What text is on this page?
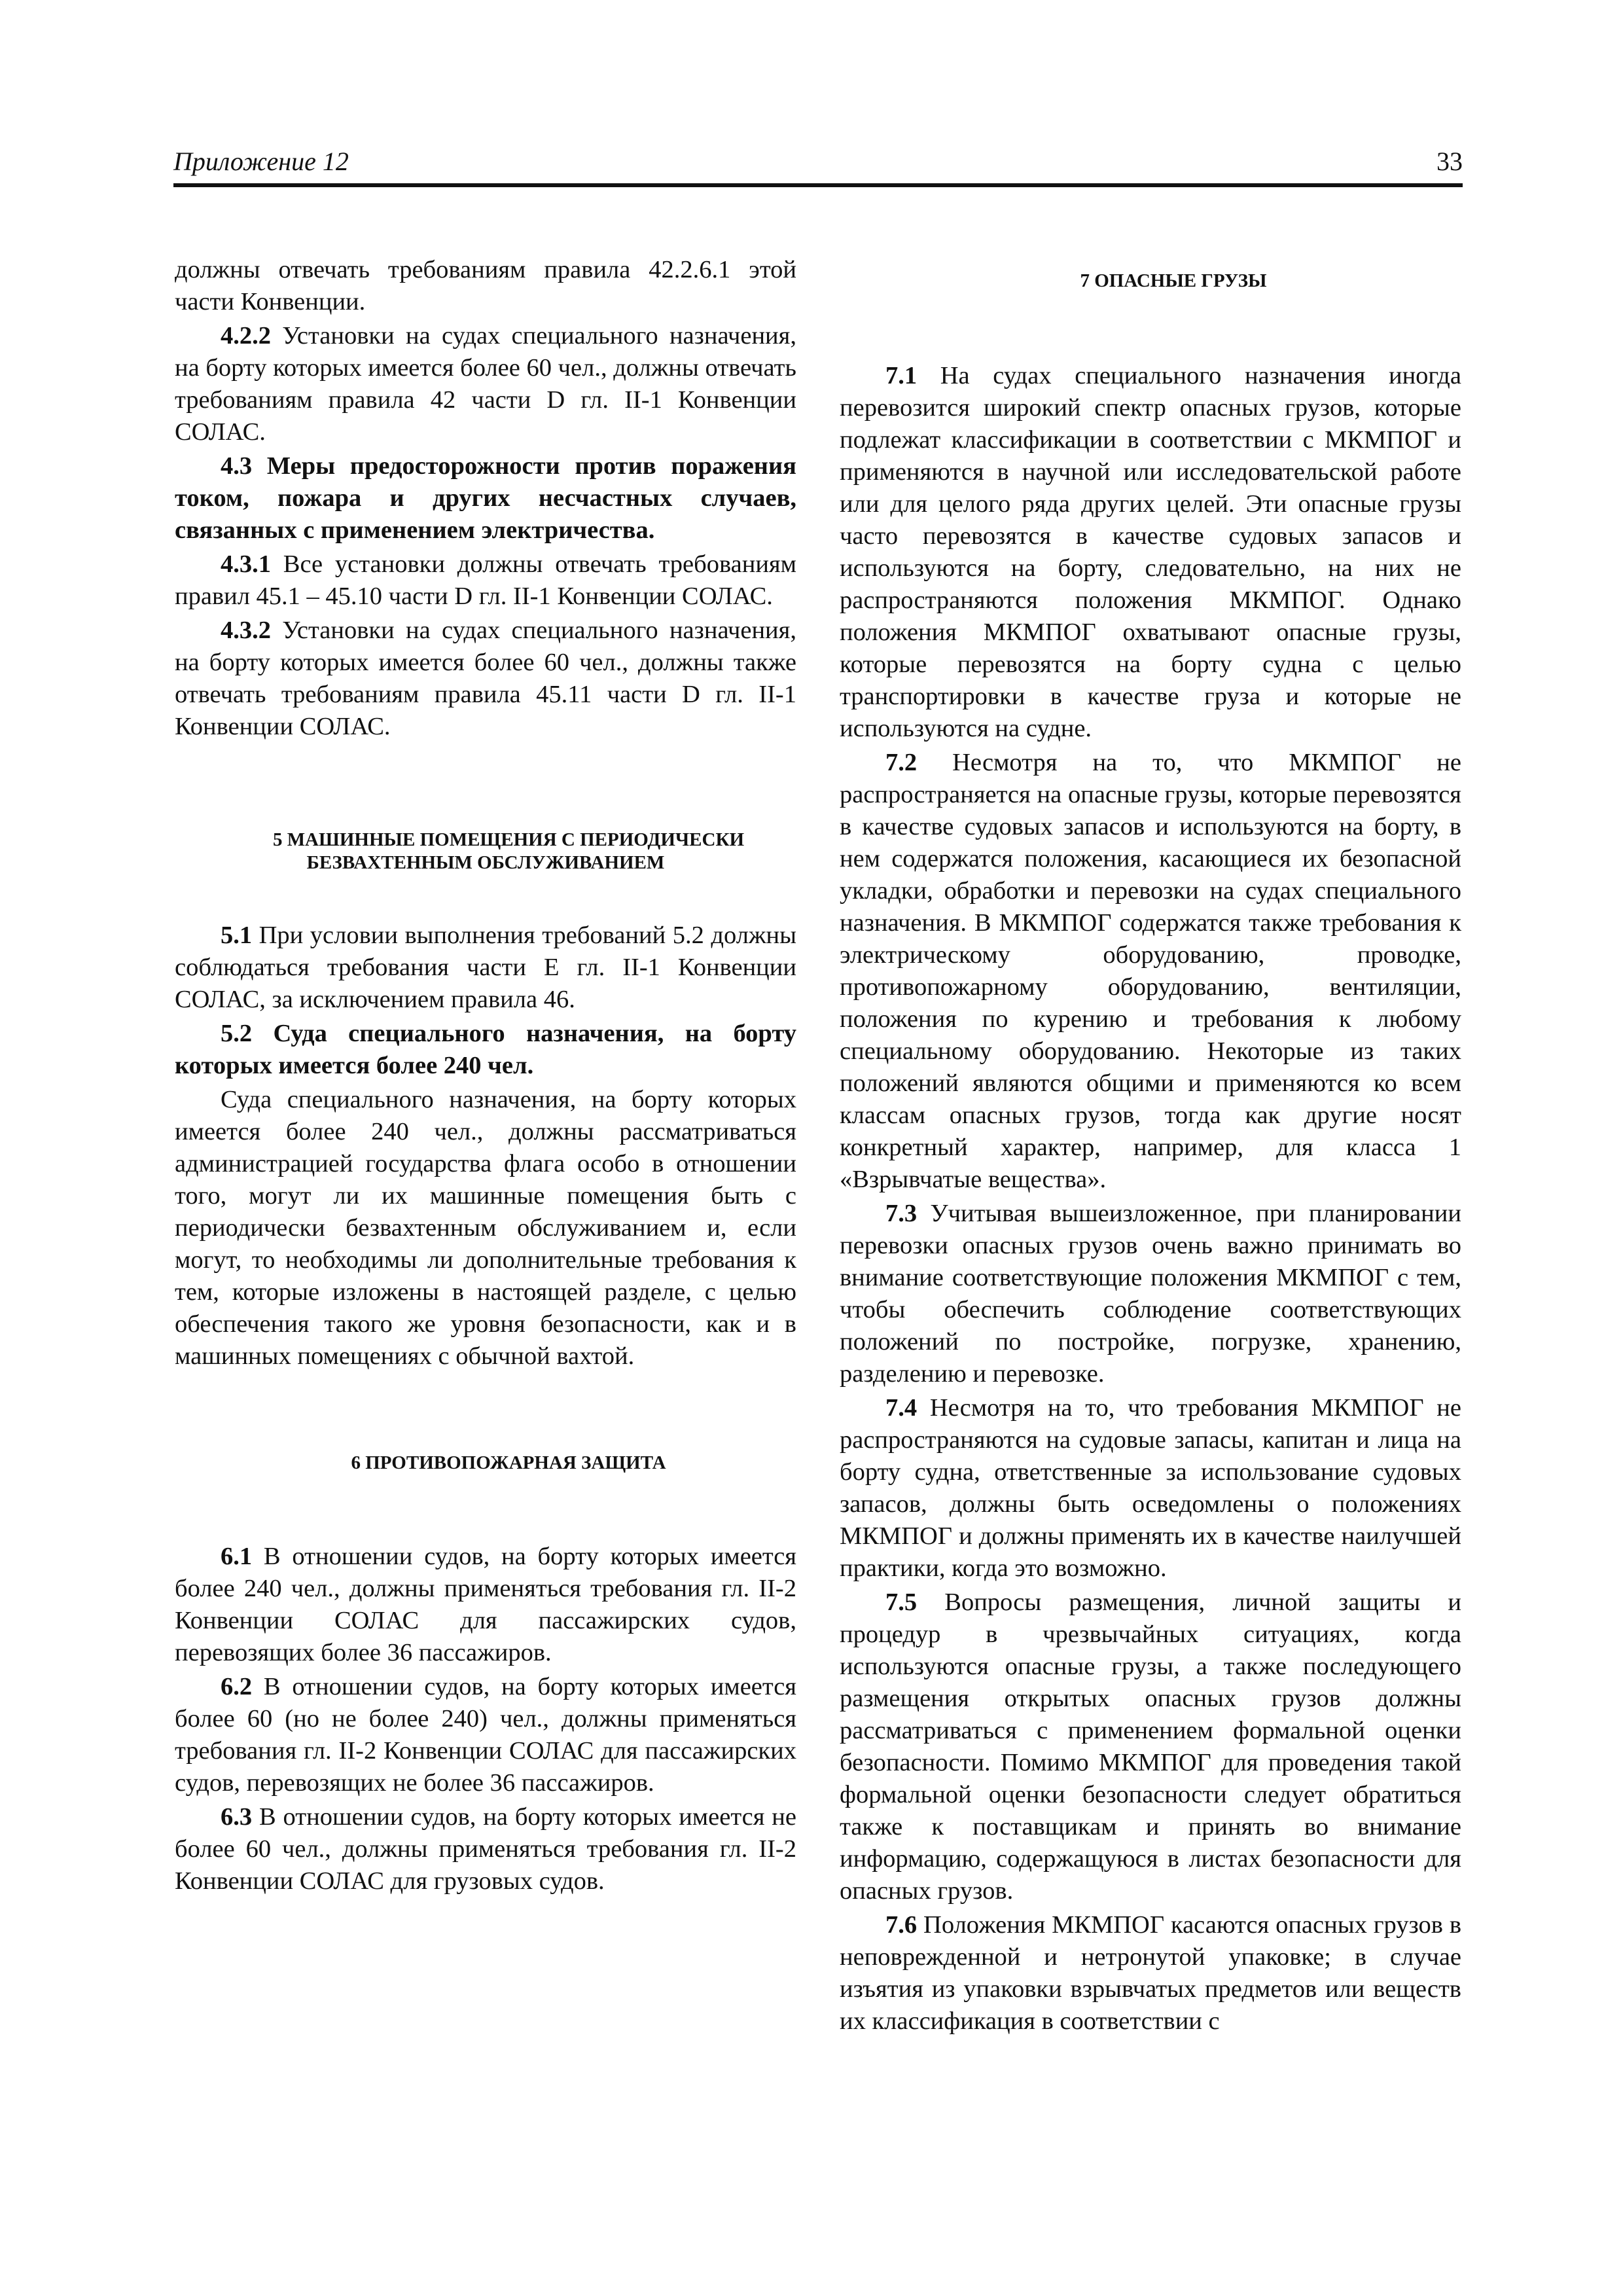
Приложение 12	33

должны отвечать требованиям правила 42.2.6.1 этой части Конвенции.

4.2.2 Установки на судах специального назначения, на борту которых имеется более 60 чел., должны отвечать требованиям правила 42 части D гл. II-1 Конвенции СОЛАС.

4.3 Меры предосторожности против поражения током, пожара и других несчастных случаев, связанных с применением электричества.

4.3.1 Все установки должны отвечать требованиям правил 45.1 – 45.10 части D гл. II-1 Конвенции СОЛАС.

4.3.2 Установки на судах специального назначения, на борту которых имеется более 60 чел., должны также отвечать требованиям правила 45.11 части D гл. II-1 Конвенции СОЛАС.

5 МАШИННЫЕ ПОМЕЩЕНИЯ С ПЕРИОДИЧЕСКИ
БЕЗВАХТЕННЫМ ОБСЛУЖИВАНИЕМ

5.1 При условии выполнения требований 5.2 должны соблюдаться требования части E гл. II-1 Конвенции СОЛАС, за исключением правила 46.

5.2 Суда специального назначения, на борту которых имеется более 240 чел.

Суда специального назначения, на борту которых имеется более 240 чел., должны рассматриваться администрацией государства флага особо в отношении того, могут ли их машинные помещения быть с периодически безвахтенным обслуживанием и, если могут, то необходимы ли дополнительные требования к тем, которые изложены в настоящей разделе, с целью обеспечения такого же уровня безопасности, как и в машинных помещениях с обычной вахтой.

6 ПРОТИВОПОЖАРНАЯ ЗАЩИТА

6.1 В отношении судов, на борту которых имеется более 240 чел., должны применяться требования гл. II-2 Конвенции СОЛАС для пассажирских судов, перевозящих более 36 пассажиров.

6.2 В отношении судов, на борту которых имеется более 60 (но не более 240) чел., должны применяться требования гл. II-2 Конвенции СОЛАС для пассажирских судов, перевозящих не более 36 пассажиров.

6.3 В отношении судов, на борту которых имеется не более 60 чел., должны применяться требования гл. II-2 Конвенции СОЛАС для грузовых судов.

7 ОПАСНЫЕ ГРУЗЫ

7.1 На судах специального назначения иногда перевозится широкий спектр опасных грузов, которые подлежат классификации в соответствии с МКМПОГ и применяются в научной или исследовательской работе или для целого ряда других целей. Эти опасные грузы часто перевозятся в качестве судовых запасов и используются на борту, следовательно, на них не распространяются положения МКМПОГ. Однако положения МКМПОГ охватывают опасные грузы, которые перевозятся на борту судна с целью транспортировки в качестве груза и которые не используются на судне.

7.2 Несмотря на то, что МКМПОГ не распространяется на опасные грузы, которые перевозятся в качестве судовых запасов и используются на борту, в нем содержатся положения, касающиеся их безопасной укладки, обработки и перевозки на судах специального назначения. В МКМПОГ содержатся также требования к электрическому оборудованию, проводке, противопожарному оборудованию, вентиляции, положения по курению и требования к любому специальному оборудованию. Некоторые из таких положений являются общими и применяются ко всем классам опасных грузов, тогда как другие носят конкретный характер, например, для класса 1 «Взрывчатые вещества».

7.3 Учитывая вышеизложенное, при планировании перевозки опасных грузов очень важно принимать во внимание соответствующие положения МКМПОГ с тем, чтобы обеспечить соблюдение соответствующих положений по постройке, погрузке, хранению, разделению и перевозке.

7.4 Несмотря на то, что требования МКМПОГ не распространяются на судовые запасы, капитан и лица на борту судна, ответственные за использование судовых запасов, должны быть осведомлены о положениях МКМПОГ и должны применять их в качестве наилучшей практики, когда это возможно.

7.5 Вопросы размещения, личной защиты и процедур в чрезвычайных ситуациях, когда используются опасные грузы, а также последующего размещения открытых опасных грузов должны рассматриваться с применением формальной оценки безопасности. Помимо МКМПОГ для проведения такой формальной оценки безопасности следует обратиться также к поставщикам и принять во внимание информацию, содержащуюся в листах безопасности для опасных грузов.

7.6 Положения МКМПОГ касаются опасных грузов в неповрежденной и нетронутой упаковке; в случае изъятия из упаковки взрывчатых предметов или веществ их классификация в соответствии с
